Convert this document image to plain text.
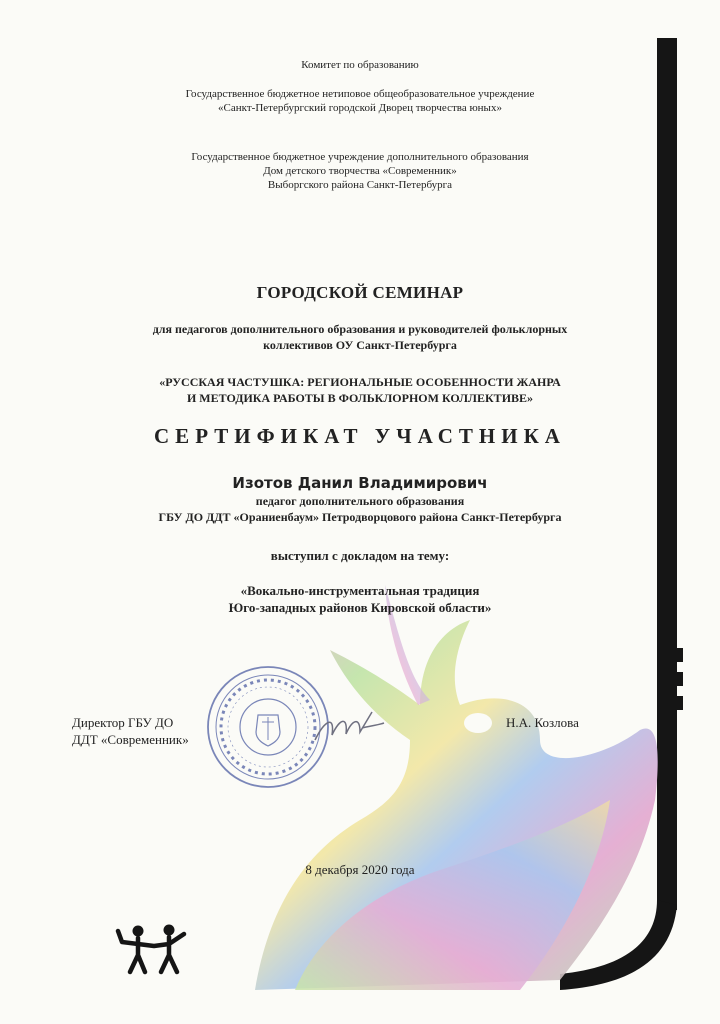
Комитет по образованию
Государственное бюджетное нетиповое общеобразовательное учреждение
«Санкт-Петербургский городской Дворец творчества юных»
Государственное бюджетное учреждение дополнительного образования
Дом детского творчества «Современник»
Выборгского района Санкт-Петербурга
ГОРОДСКОЙ СЕМИНАР
для педагогов дополнительного образования и руководителей фольклорных
коллективов ОУ Санкт-Петербурга
«РУССКАЯ ЧАСТУШКА: РЕГИОНАЛЬНЫЕ ОСОБЕННОСТИ ЖАНРА
И МЕТОДИКА РАБОТЫ В ФОЛЬКЛОРНОМ КОЛЛЕКТИВЕ»
СЕРТИФИКАТ УЧАСТНИКА
Изотов Данил Владимирович
педагог дополнительного образования
ГБУ ДО ДДТ «Ораниенбаум» Петродворцового района Санкт-Петербурга
выступил с докладом на тему:
«Вокально-инструментальная традиция
Юго-западных районов Кировской области»
Директор ГБУ ДО
ДДТ «Современник»
Н.А. Козлова
8 декабря 2020 года
